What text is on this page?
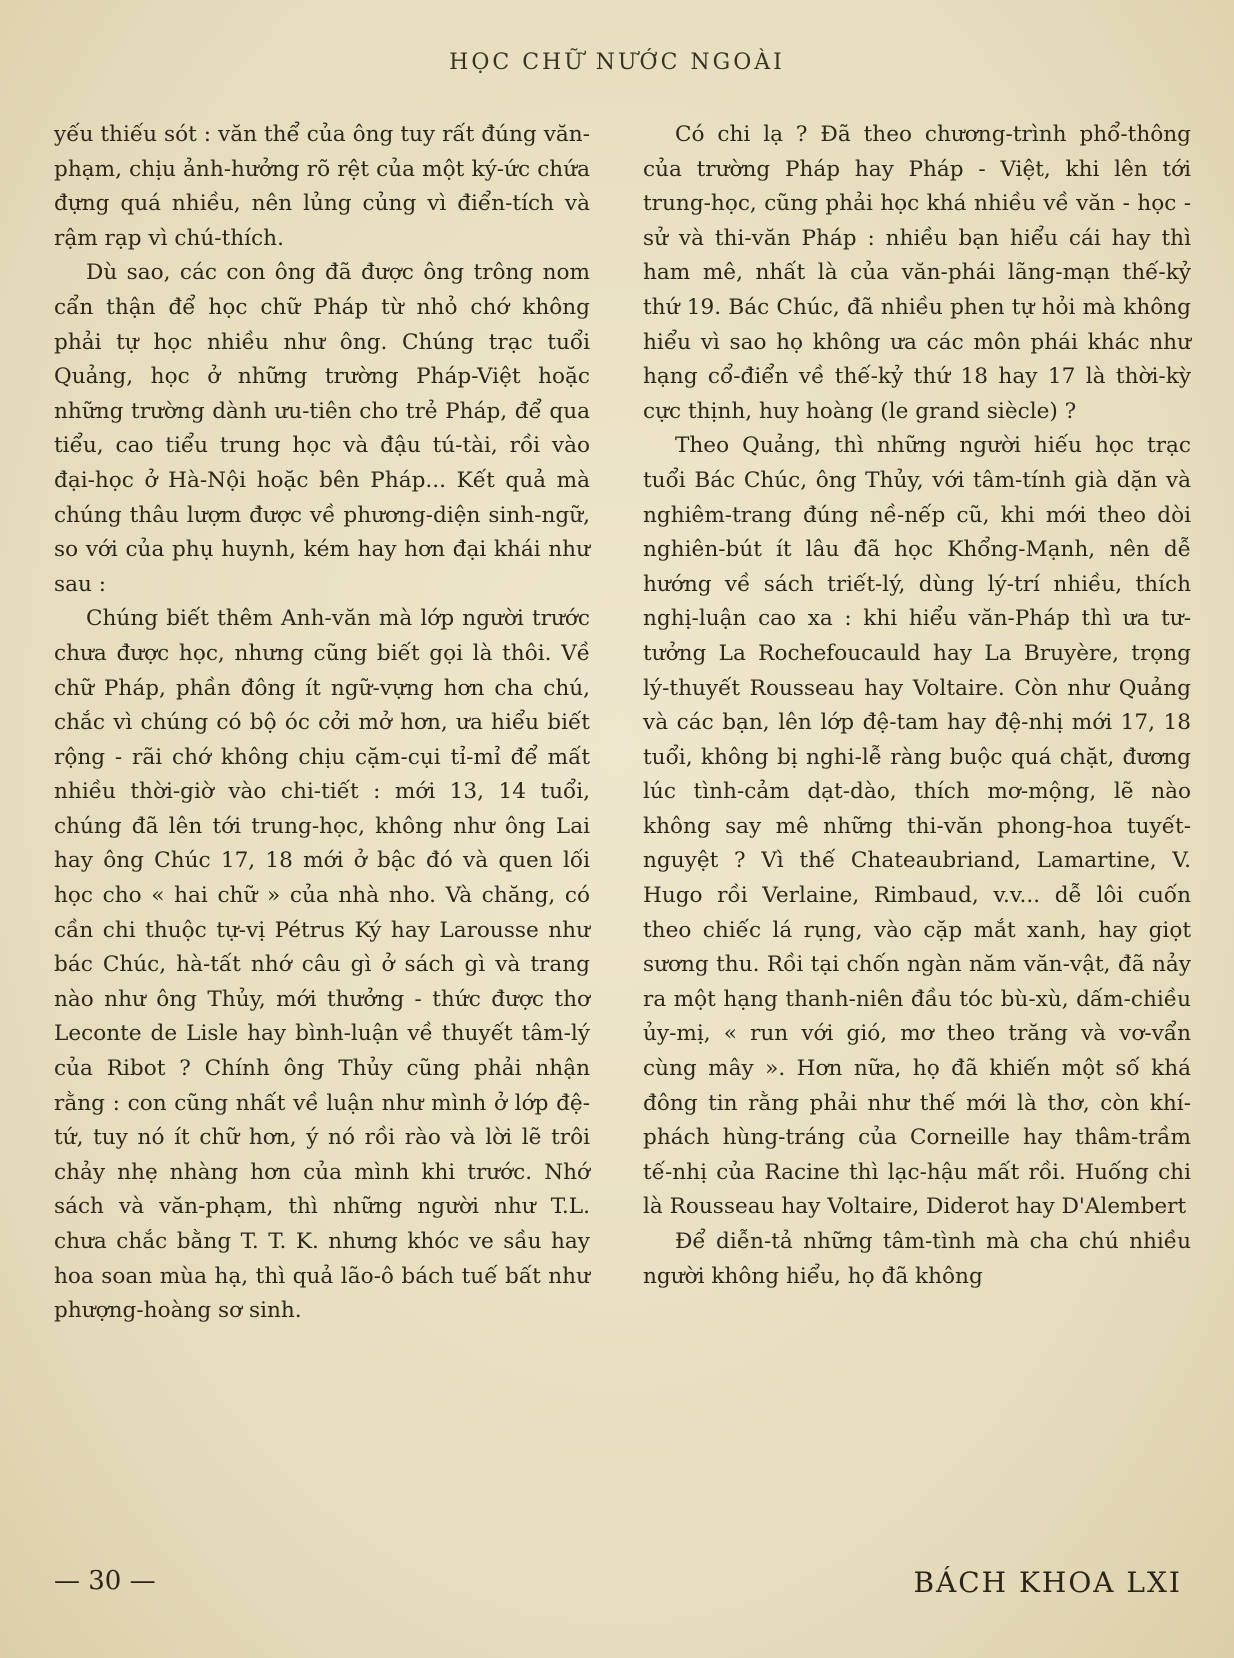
HỌC CHỮ NƯỚC NGOÀI

yếu thiếu sót : văn thể của ông tuy rất đúng văn-phạm, chịu ảnh-hưởng rõ rệt của một ký-ức chứa đựng quá nhiều, nên lủng củng vì điển-tích và rậm rạp vì chú-thích.

Dù sao, các con ông đã được ông trông nom cẩn thận để học chữ Pháp từ nhỏ chớ không phải tự học nhiều như ông. Chúng trạc tuổi Quảng, học ở những trường Pháp-Việt hoặc những trường dành ưu-tiên cho trẻ Pháp, để qua tiểu, cao tiểu trung học và đậu tú-tài, rồi vào đại-học ở Hà-Nội hoặc bên Pháp... Kết quả mà chúng thâu lượm được về phương-diện sinh-ngữ, so với của phụ huynh, kém hay hơn đại khái như sau :

Chúng biết thêm Anh-văn mà lớp người trước chưa được học, nhưng cũng biết gọi là thôi. Về chữ Pháp, phần đông ít ngữ-vựng hơn cha chú, chắc vì chúng có bộ óc cởi mở hơn, ưa hiểu biết rộng - rãi chớ không chịu cặm-cụi tỉ-mỉ để mất nhiều thời-giờ vào chi-tiết : mới 13, 14 tuổi, chúng đã lên tới trung-học, không như ông Lai hay ông Chúc 17, 18 mới ở bậc đó và quen lối học cho « hai chữ » của nhà nho. Và chăng, có cần chi thuộc tự-vị Pétrus Ký hay Larousse như bác Chúc, hà-tất nhớ câu gì ở sách gì và trang nào như ông Thủy, mới thưởng - thức được thơ Leconte de Lisle hay bình-luận về thuyết tâm-lý của Ribot ? Chính ông Thủy cũng phải nhận rằng : con cũng nhất về luận như mình ở lớp đệ-tứ, tuy nó ít chữ hơn, ý nó rồi rào và lời lẽ trôi chảy nhẹ nhàng hơn của mình khi trước. Nhớ sách và văn-phạm, thì những người như T.L. chưa chắc bằng T. T. K. nhưng khóc ve sầu hay hoa soan mùa hạ, thì quả lão-ô bách tuế bất như phượng-hoàng sơ sinh.

Có chi lạ ? Đã theo chương-trình phổ-thông của trường Pháp hay Pháp - Việt, khi lên tới trung-học, cũng phải học khá nhiều về văn - học - sử và thi-văn Pháp : nhiều bạn hiểu cái hay thì ham mê, nhất là của văn-phái lãng-mạn thế-kỷ thứ 19. Bác Chúc, đã nhiều phen tự hỏi mà không hiểu vì sao họ không ưa các môn phái khác như hạng cổ-điển về thế-kỷ thứ 18 hay 17 là thời-kỳ cực thịnh, huy hoàng (le grand siècle) ?

Theo Quảng, thì những người hiếu học trạc tuổi Bác Chúc, ông Thủy, với tâm-tính già dặn và nghiêm-trang đúng nề-nếp cũ, khi mới theo dòi nghiên-bút ít lâu đã học Khổng-Mạnh, nên dễ hướng về sách triết-lý, dùng lý-trí nhiều, thích nghị-luận cao xa : khi hiểu văn-Pháp thì ưa tư-tưởng La Rochefoucauld hay La Bruyère, trọng lý-thuyết Rousseau hay Voltaire. Còn như Quảng và các bạn, lên lớp đệ-tam hay đệ-nhị mới 17, 18 tuổi, không bị nghi-lễ ràng buộc quá chặt, đương lúc tình-cảm dạt-dào, thích mơ-mộng, lẽ nào không say mê những thi-văn phong-hoa tuyết-nguyệt ? Vì thế Chateaubriand, Lamartine, V. Hugo rồi Verlaine, Rimbaud, v.v... dễ lôi cuốn theo chiếc lá rụng, vào cặp mắt xanh, hay giọt sương thu. Rồi tại chốn ngàn năm văn-vật, đã nảy ra một hạng thanh-niên đầu tóc bù-xù, dấm-chiều ủy-mị, « run với gió, mơ theo trăng và vơ-vẩn cùng mây ». Hơn nữa, họ đã khiến một số khá đông tin rằng phải như thế mới là thơ, còn khí-phách hùng-tráng của Corneille hay thâm-trầm tế-nhị của Racine thì lạc-hậu mất rồi. Huống chi là Rousseau hay Voltaire, Diderot hay D'Alembert

Để diễn-tả những tâm-tình mà cha chú nhiều người không hiểu, họ đã không

— 30 —	BÁCH KHOA LXI
